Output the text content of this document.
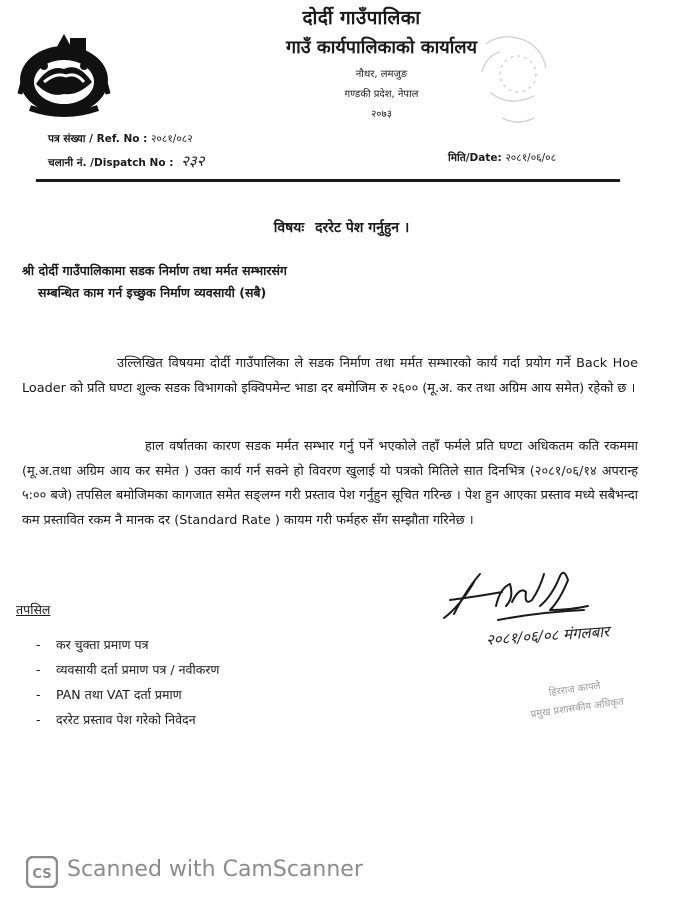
दोर्दी गाउँपालिका
गाउँ कार्यपालिकाको कार्यालय
नौथर, लमजुङ
गण्डकी प्रदेश, नेपाल
२०७३
पत्र संख्या / Ref. No : २०८१/०८२
चलानी नं. /Dispatch No : २३२	मिति/Date: २०८१/०६/०८
विषयः दररेट पेश गर्नुहुन ।
श्री दोर्दी गाउँपालिकामा सडक निर्माण तथा मर्मत सम्भारसंग
सम्बन्धित काम गर्न इच्छुक निर्माण व्यवसायी (सबै)
उल्लिखित विषयमा दोर्दी गाउँपालिका ले सडक निर्माण तथा मर्मत सम्भारको कार्य गर्दा प्रयोग गर्ने Back Hoe Loader को प्रति घण्टा शुल्क सडक विभागको इक्विपमेन्ट भाडा दर बमोजिम रु २६०० (मू.अ. कर तथा अग्रिम आय समेत) रहेको छ ।
हाल वर्षातका कारण सडक मर्मत सम्भार गर्नु पर्ने भएकोले तहाँ फर्मले प्रति घण्टा अधिकतम कति रकममा (मू.अ.तथा अग्रिम आय कर समेत ) उक्त कार्य गर्न सक्ने हो विवरण खुलाई यो पत्रको मितिले सात दिनभित्र (२०८१/०६/१४ अपरान्ह ५:०० बजे) तपसिल बमोजिमका कागजात समेत सङ्लग्न गरी प्रस्ताव पेश गर्नुहुन सूचित गरिन्छ । पेश हुन आएका प्रस्ताव मध्ये सबैभन्दा कम प्रस्तावित रकम नै मानक दर (Standard Rate ) कायम गरी फर्महरु सँग सम्झौता गरिनेछ ।
तपसिल
- कर चुक्ता प्रमाण पत्र
- व्यवसायी दर्ता प्रमाण पत्र / नवीकरण
- PAN तथा VAT दर्ता प्रमाण
- दररेट प्रस्ताव पेश गरेको निवेदन
२०८१/०६/०८ मंगलबार
हिरराज कापले
प्रमुख प्रशासकीय अधिकृत
CS Scanned with CamScanner
